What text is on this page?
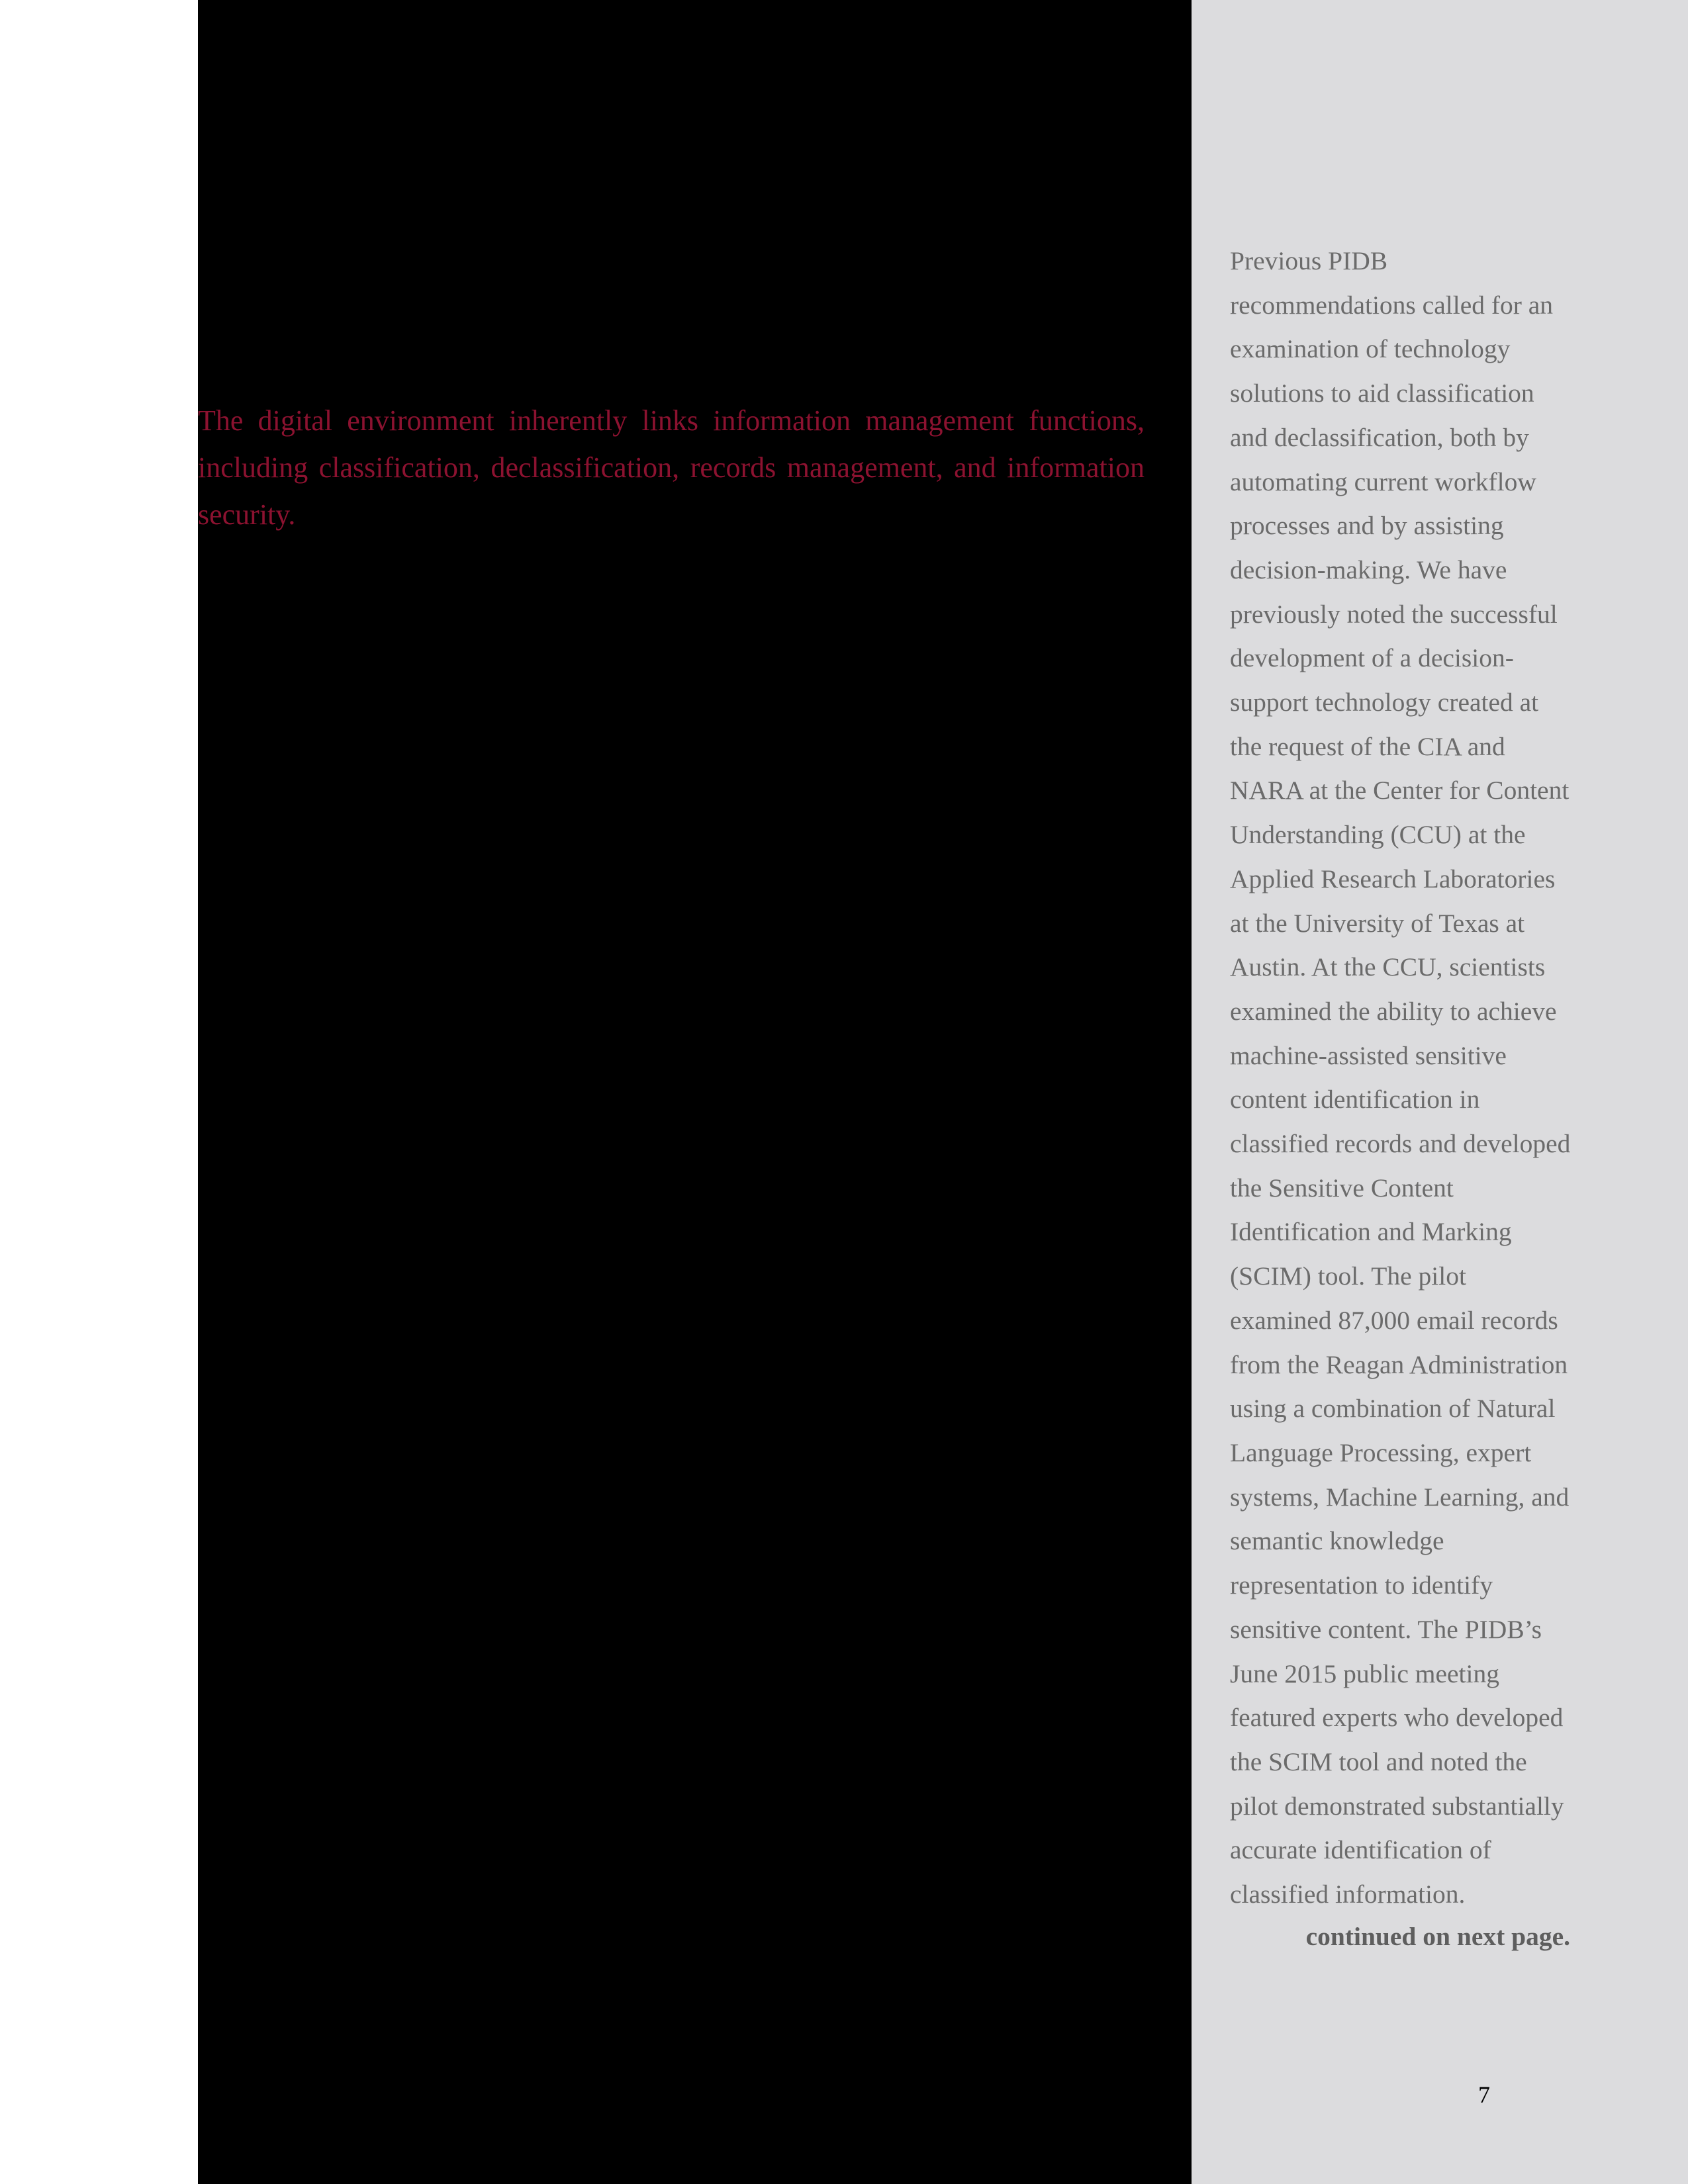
The digital environment inherently links information management functions, including classification, declassification, records management, and information security.

Previous PIDB recommendations called for an examination of technology solutions to aid classification and declassification, both by automating current workflow processes and by assisting decision-making. We have previously noted the successful development of a decision-support technology created at the request of the CIA and NARA at the Center for Content Understanding (CCU) at the Applied Research Laboratories at the University of Texas at Austin. At the CCU, scientists examined the ability to achieve machine-assisted sensitive content identification in classified records and developed the Sensitive Content Identification and Marking (SCIM) tool. The pilot examined 87,000 email records from the Reagan Administration using a combination of Natural Language Processing, expert systems, Machine Learning, and semantic knowledge representation to identify sensitive content. The PIDB’s June 2015 public meeting featured experts who developed the SCIM tool and noted the pilot demonstrated substantially accurate identification of classified information.

continued on next page.

7
